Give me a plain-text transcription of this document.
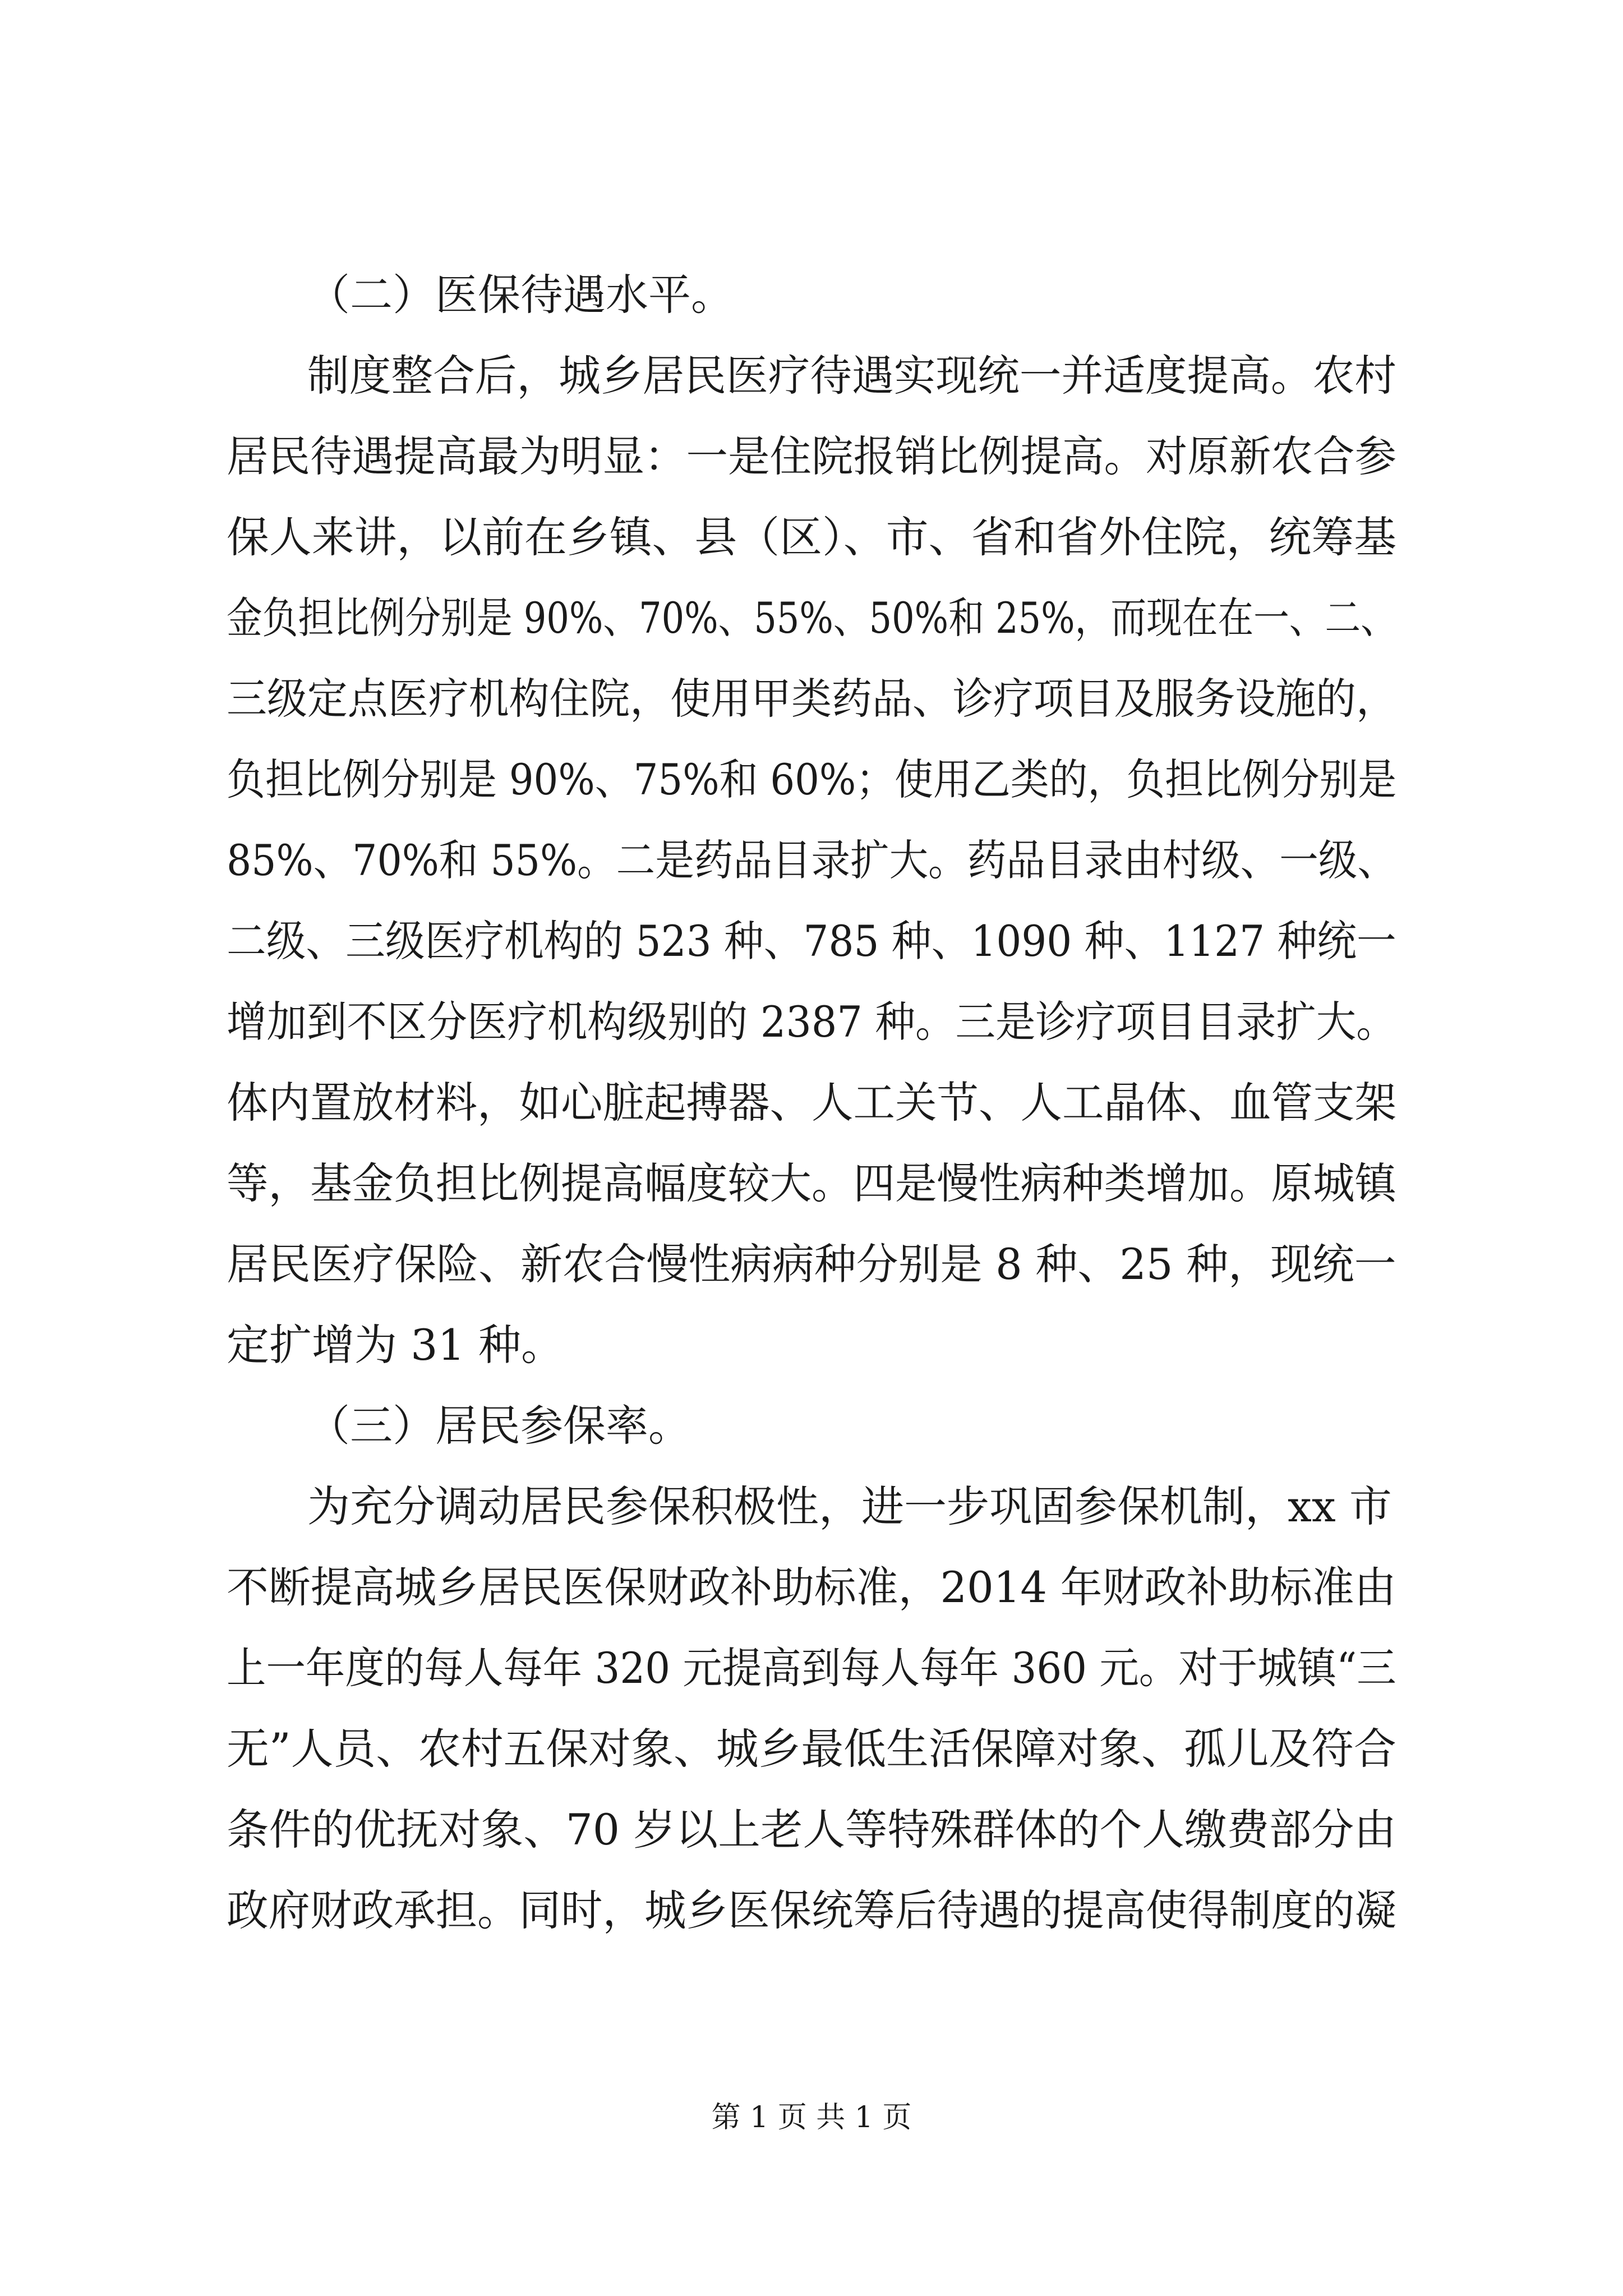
（二）医保待遇水平。
制度整合后，城乡居民医疗待遇实现统一并适度提高。农村
居民待遇提高最为明显：一是住院报销比例提高。对原新农合参
保人来讲，以前在乡镇、县（区）、市、省和省外住院，统筹基
金负担比例分别是 90%、70%、55%、50%和 25%，而现在在一、二、
三级定点医疗机构住院，使用甲类药品、诊疗项目及服务设施的，
负担比例分别是 90%、75%和 60%；使用乙类的，负担比例分别是
85%、70%和 55%。二是药品目录扩大。药品目录由村级、一级、
二级、三级医疗机构的 523 种、785 种、1090 种、1127 种统一
增加到不区分医疗机构级别的 2387 种。三是诊疗项目目录扩大。
体内置放材料，如心脏起搏器、人工关节、人工晶体、血管支架
等，基金负担比例提高幅度较大。四是慢性病种类增加。原城镇
居民医疗保险、新农合慢性病病种分别是 8 种、25 种，现统一
定扩增为 31 种。
（三）居民参保率。
为充分调动居民参保积极性，进一步巩固参保机制，xx 市
不断提高城乡居民医保财政补助标准，2014 年财政补助标准由
上一年度的每人每年 320 元提高到每人每年 360 元。对于城镇“三
无”人员、农村五保对象、城乡最低生活保障对象、孤儿及符合
条件的优抚对象、70 岁以上老人等特殊群体的个人缴费部分由
政府财政承担。同时，城乡医保统筹后待遇的提高使得制度的凝
第 1 页 共 1 页
